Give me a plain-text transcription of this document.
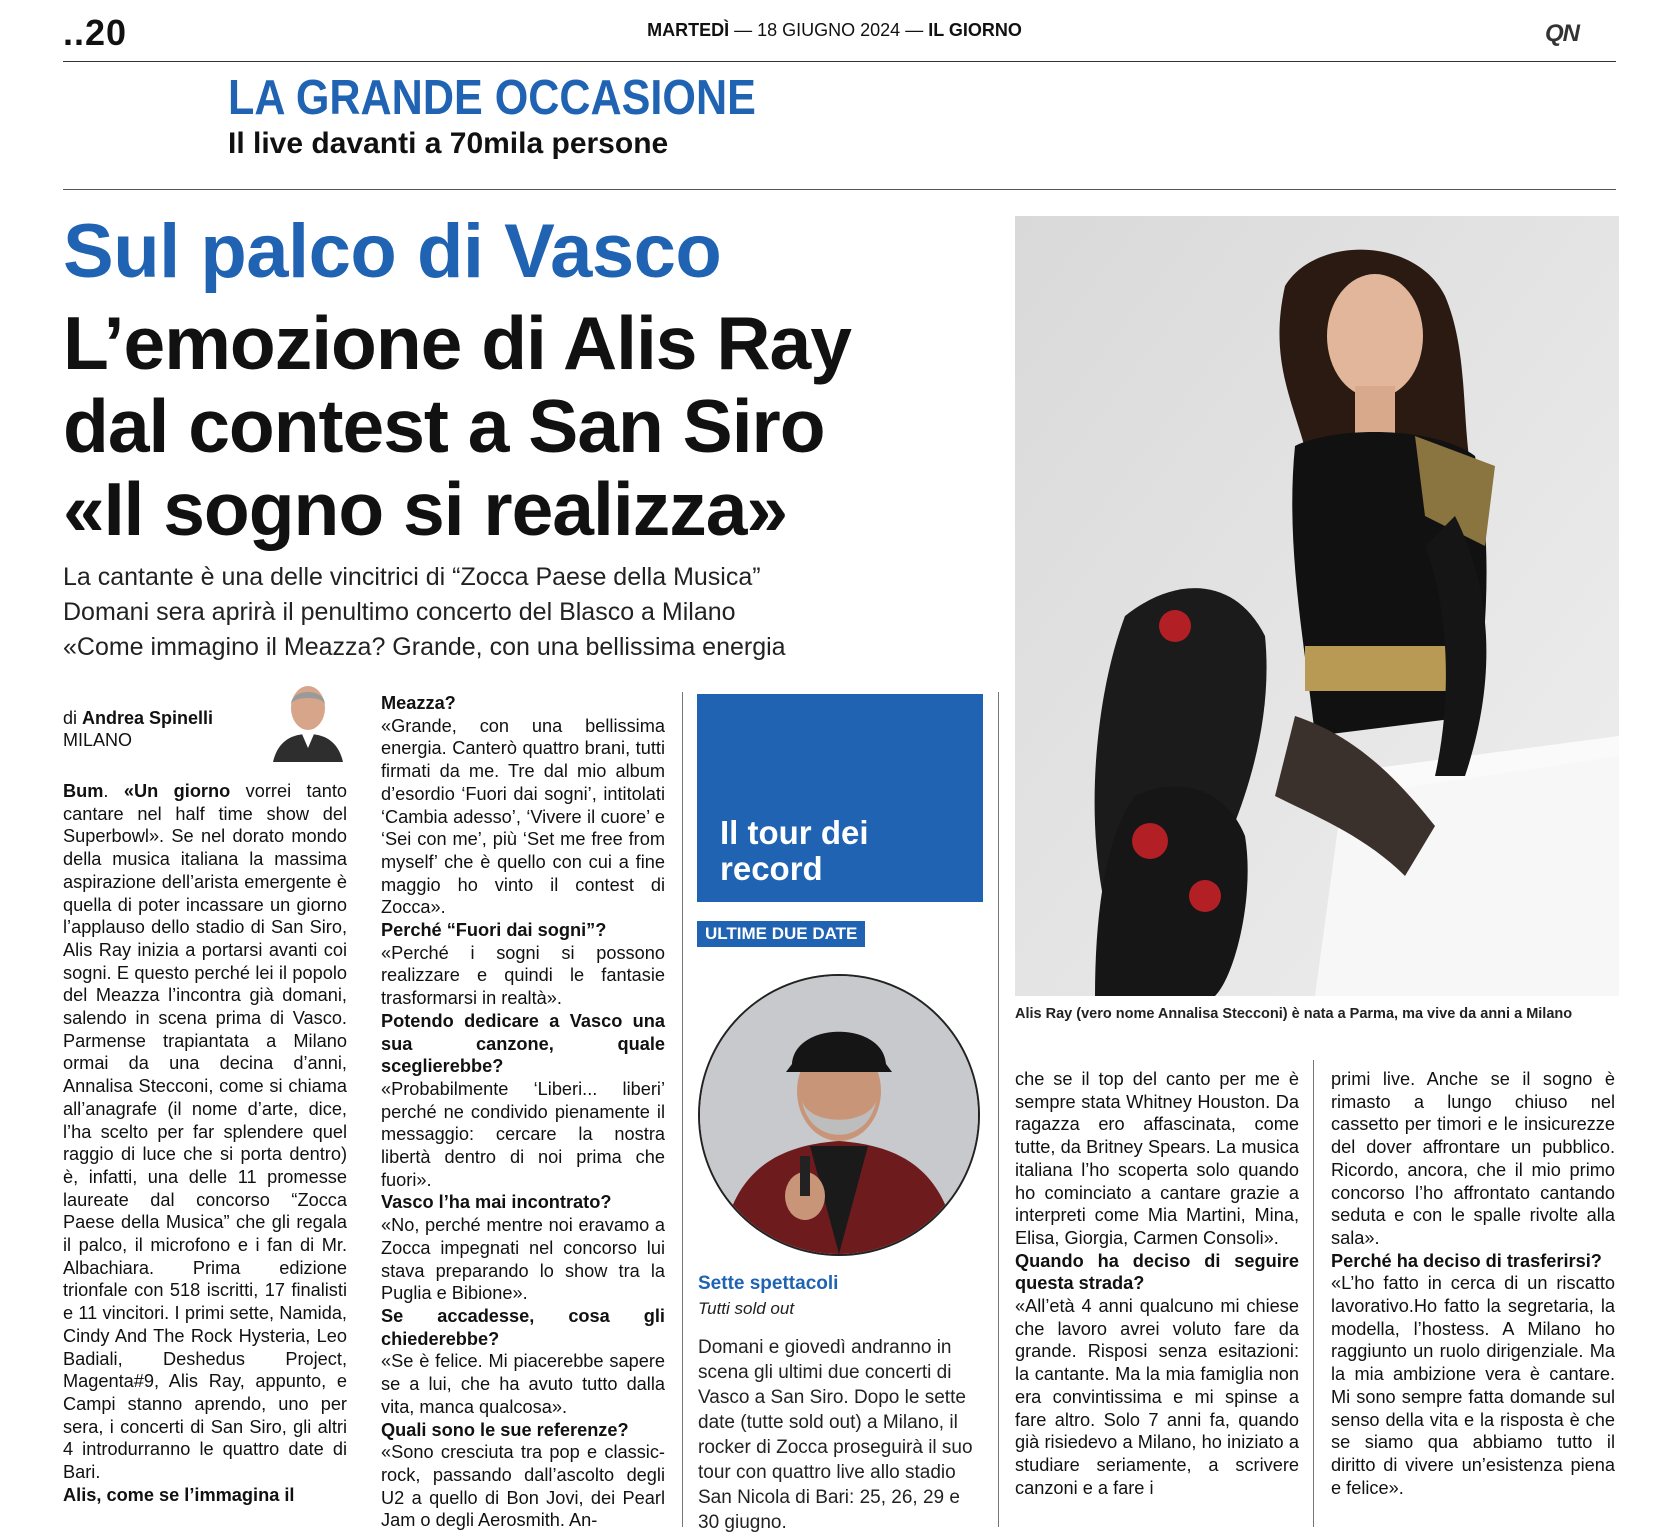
..20	MARTEDÌ — 18 GIUGNO 2024 — IL GIORNO	QN
LA GRANDE OCCASIONE
Il live davanti a 70mila persone
Sul palco di Vasco
L’emozione di Alis Ray
dal contest a San Siro
«Il sogno si realizza»
La cantante è una delle vincitrici di “Zocca Paese della Musica”
Domani sera aprirà il penultimo concerto del Blasco a Milano
«Come immagino il Meazza? Grande, con una bellissima energia
Alis Ray (vero nome Annalisa Stecconi) è nata a Parma, ma vive da anni a Milano
di Andrea Spinelli
MILANO

Bum. «Un giorno vorrei tanto cantare nel half time show del Superbowl». Se nel dorato mondo della musica italiana la massima aspirazione dell’arista emergente è quella di poter incassare un giorno l’applauso dello stadio di San Siro, Alis Ray inizia a portarsi avanti coi sogni. E questo perché lei il popolo del Meazza l’incontra già domani, salendo in scena prima di Vasco. Parmense trapiantata a Milano ormai da una decina d’anni, Annalisa Stecconi, come si chiama all’anagrafe (il nome d’arte, dice, l’ha scelto per far splendere quel raggio di luce che si porta dentro) è, infatti, una delle 11 promesse laureate dal concorso “Zocca Paese della Musica” che gli regala il palco, il microfono e i fan di Mr. Albachiara. Prima edizione trionfale con 518 iscritti, 17 finalisti e 11 vincitori. I primi sette, Namida, Cindy And The Rock Hysteria, Leo Badiali, Deshedus Project, Magenta#9, Alis Ray, appunto, e Campi stanno aprendo, uno per sera, i concerti di San Siro, gli altri 4 introdurranno le quattro date di Bari.

Alis, come se l’immagina il

Meazza?

«Grande, con una bellissima energia. Canterò quattro brani, tutti firmati da me. Tre dal mio album d’esordio ‘Fuori dai sogni’, intitolati ‘Cambia adesso’, ‘Vivere il cuore’ e ‘Sei con me’, più ‘Set me free from myself’ che è quello con cui a fine maggio ho vinto il contest di Zocca».

Perché “Fuori dai sogni”?

«Perché i sogni si possono realizzare e quindi le fantasie trasformarsi in realtà».

Potendo dedicare a Vasco una sua canzone, quale sceglierebbe?

«Probabilmente ‘Liberi... liberi’ perché ne condivido pienamente il messaggio: cercare la nostra libertà dentro di noi prima che fuori».

Vasco l’ha mai incontrato?

«No, perché mentre noi eravamo a Zocca impegnati nel concorso lui stava preparando lo show tra la Puglia e Bibione».

Se accadesse, cosa gli chiederebbe?

«Se è felice. Mi piacerebbe sapere se a lui, che ha avuto tutto dalla vita, manca qualcosa».

Quali sono le sue referenze?

«Sono cresciuta tra pop e classic-rock, passando dall’ascolto degli U2 a quello di Bon Jovi, dei Pearl Jam o degli Aerosmith. An-

Il tour dei record
ULTIME DUE DATE
Sette spettacoli
Tutti sold out
Domani e giovedì andranno in scena gli ultimi due concerti di Vasco a San Siro. Dopo le sette date (tutte sold out) a Milano, il rocker di Zocca proseguirà il suo tour con quattro live allo stadio San Nicola di Bari: 25, 26, 29 e 30 giugno.

che se il top del canto per me è sempre stata Whitney Houston. Da ragazza ero affascinata, come tutte, da Britney Spears. La musica italiana l’ho scoperta solo quando ho cominciato a cantare grazie a interpreti come Mia Martini, Mina, Elisa, Giorgia, Carmen Consoli».

Quando ha deciso di seguire questa strada?

«All’età 4 anni qualcuno mi chiese che lavoro avrei voluto fare da grande. Risposi senza esitazioni: la cantante. Ma la mia famiglia non era convintissima e mi spinse a fare altro. Solo 7 anni fa, quando già risiedevo a Milano, ho iniziato a studiare seriamente, a scrivere canzoni e a fare i

primi live. Anche se il sogno è rimasto a lungo chiuso nel cassetto per timori e le insicurezze del dover affrontare un pubblico. Ricordo, ancora, che il mio primo concorso l’ho affrontato cantando seduta e con le spalle rivolte alla sala».

Perché ha deciso di trasferirsi?

«L’ho fatto in cerca di un riscatto lavorativo.Ho fatto la segretaria, la modella, l’hostess. A Milano ho raggiunto un ruolo dirigenziale. Ma la mia ambizione vera è cantare. Mi sono sempre fatta domande sul senso della vita e la risposta è che se siamo qua abbiamo tutto il diritto di vivere un’esistenza piena e felice».
